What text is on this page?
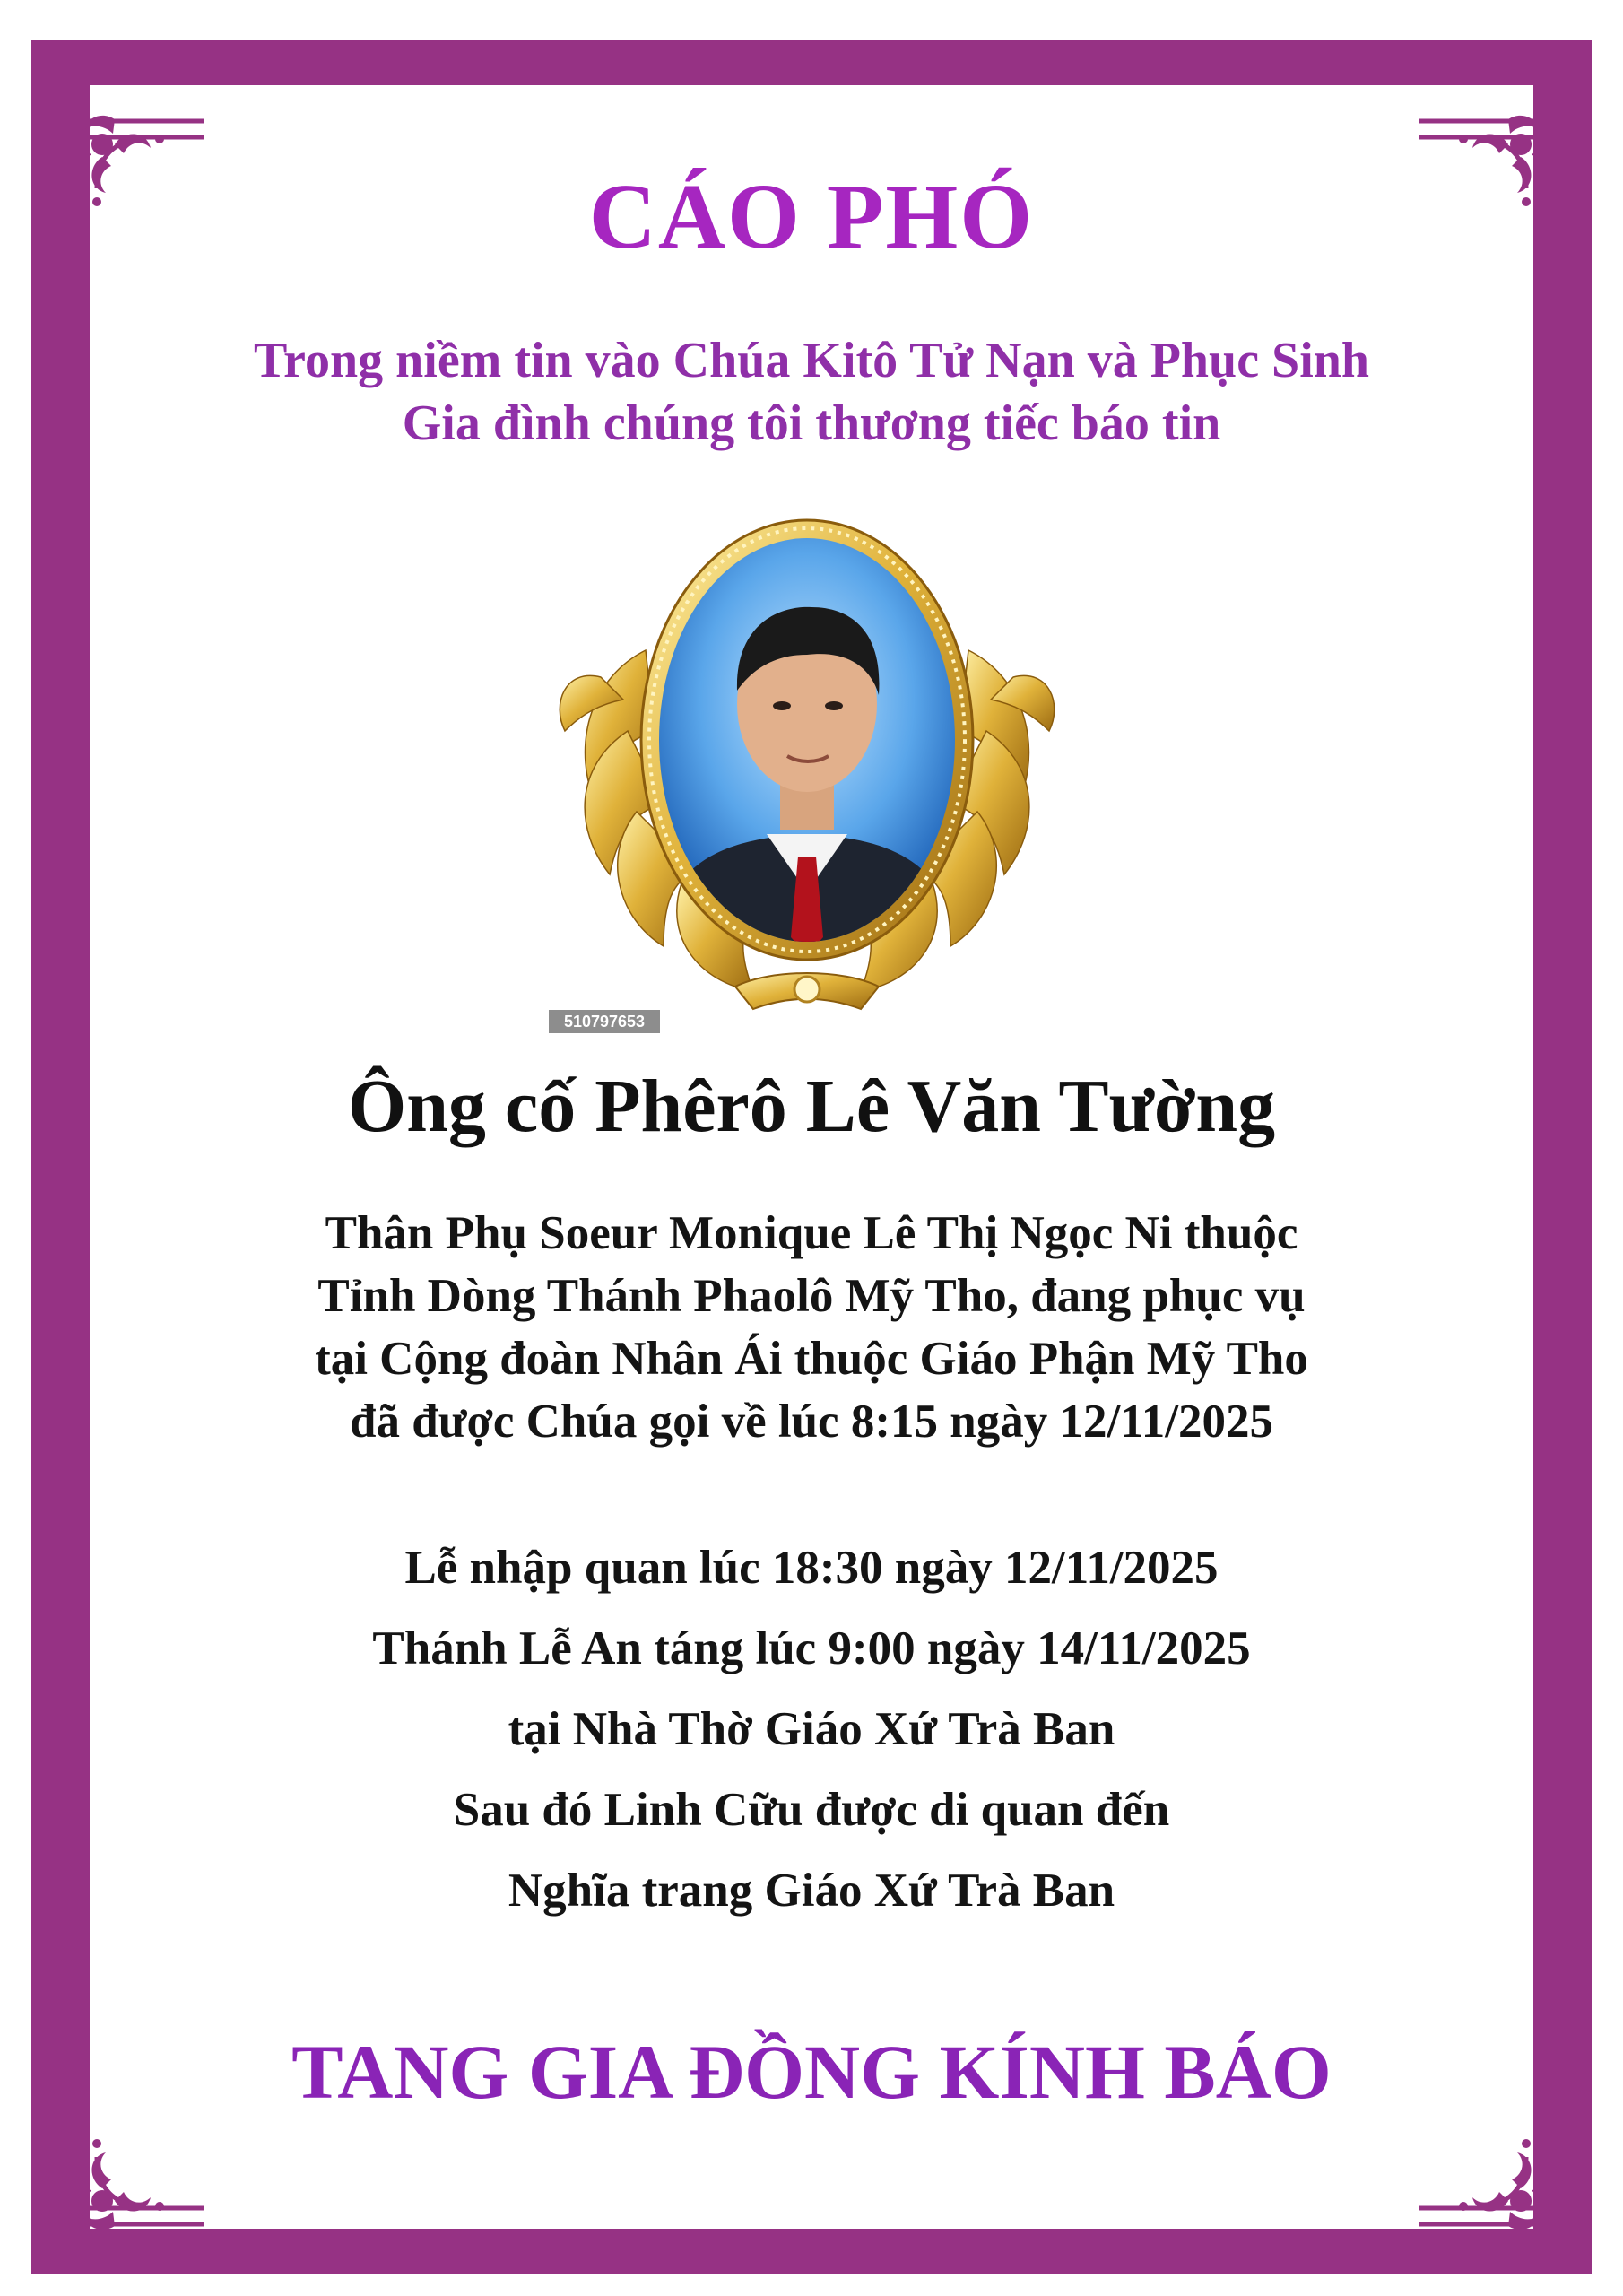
CÁO PHÓ
Trong niềm tin vào Chúa Kitô Tử Nạn và Phục Sinh
Gia đình chúng tôi thương tiếc báo tin
510797653
Ông cố Phêrô Lê Văn Tường
Thân Phụ Soeur Monique Lê Thị Ngọc Ni thuộc
Tỉnh Dòng Thánh Phaolô Mỹ Tho, đang phục vụ
tại Cộng đoàn Nhân Ái thuộc Giáo Phận Mỹ Tho
đã được Chúa gọi về lúc 8:15 ngày 12/11/2025
Lễ nhập quan lúc 18:30 ngày 12/11/2025
Thánh Lễ An táng lúc 9:00 ngày 14/11/2025
tại Nhà Thờ Giáo Xứ Trà Ban
Sau đó Linh Cữu được di quan đến
Nghĩa trang Giáo Xứ Trà Ban
TANG GIA ĐỒNG KÍNH BÁO
